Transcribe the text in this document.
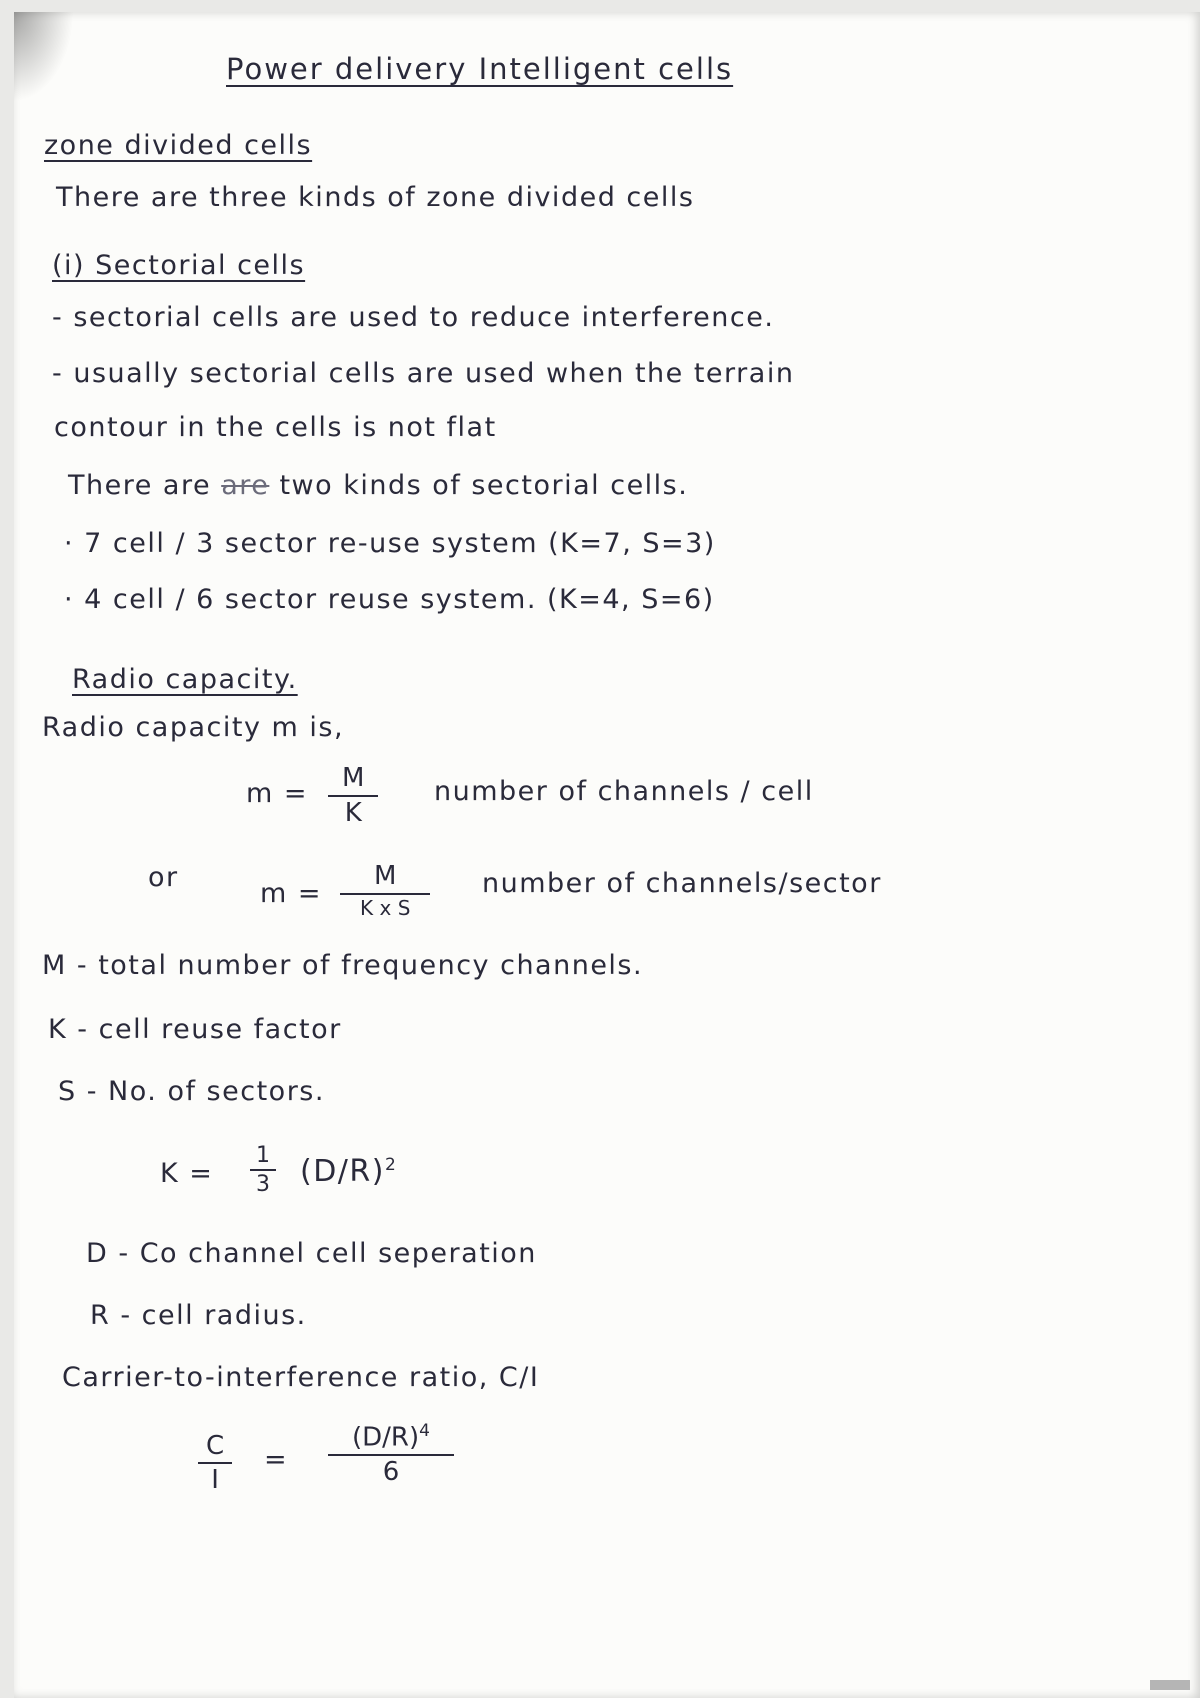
Power delivery Intelligent cells
zone divided cells
There are three kinds of zone divided cells
(i) Sectorial cells
- sectorial cells are used to reduce interference.
- usually sectorial cells are used when the terrain
contour in the cells is not flat
There are are two kinds of sectorial cells.
· 7 cell / 3 sector re-use system (K=7, S=3)
· 4 cell / 6 sector reuse system. (K=4, S=6)
Radio capacity.
Radio capacity m is,
$m = \frac{M}{K}$ number of channels / cell
or
m =
M
K x S
number of channels/sector
M - total number of frequency channels.
K - cell reuse factor
S - No. of sectors.
$K = \frac{1}{3} (D/R)^2$
D - Co channel cell seperation
R - cell radius.
Carrier-to-interference ratio, C/I
$\frac{C}{I} = \frac{(D/R)^4}{6}$
